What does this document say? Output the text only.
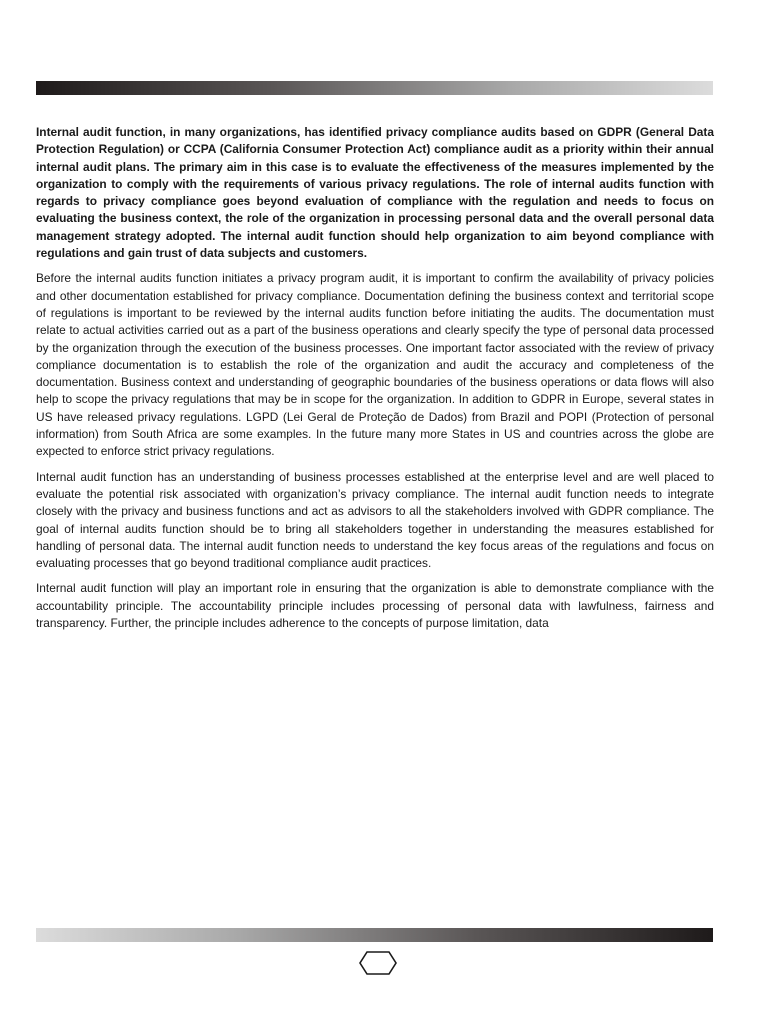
Internal audit function, in many organizations, has identified privacy compliance audits based on GDPR (General Data Protection Regulation) or CCPA (California Consumer Protection Act) compliance audit as a priority within their annual internal audit plans. The primary aim in this case is to evaluate the effectiveness of the measures implemented by the organization to comply with the requirements of various privacy regulations. The role of internal audits function with regards to privacy compliance goes beyond evaluation of compliance with the regulation and needs to focus on evaluating the business context, the role of the organization in processing personal data and the overall personal data management strategy adopted. The internal audit function should help organization to aim beyond compliance with regulations and gain trust of data subjects and customers.

Before the internal audits function initiates a privacy program audit, it is important to confirm the availability of privacy policies and other documentation established for privacy compliance. Documentation defining the business context and territorial scope of regulations is important to be reviewed by the internal audits function before initiating the audits. The documentation must relate to actual activities carried out as a part of the business operations and clearly specify the type of personal data processed by the organization through the execution of the business processes. One important factor associated with the review of privacy compliance documentation is to establish the role of the organization and audit the accuracy and completeness of the documentation. Business context and understanding of geographic boundaries of the business operations or data flows will also help to scope the privacy regulations that may be in scope for the organization. In addition to GDPR in Europe, several states in US have released privacy regulations. LGPD (Lei Geral de Proteção de Dados) from Brazil and POPI (Protection of personal information) from South Africa are some examples. In the future many more States in US and countries across the globe are expected to enforce strict privacy regulations.

Internal audit function has an understanding of business processes established at the enterprise level and are well placed to evaluate the potential risk associated with organization’s privacy compliance. The internal audit function needs to integrate closely with the privacy and business functions and act as advisors to all the stakeholders involved with GDPR compliance. The goal of internal audits function should be to bring all stakeholders together in understanding the measures established for handling of personal data. The internal audit function needs to understand the key focus areas of the regulations and focus on evaluating processes that go beyond traditional compliance audit practices.

Internal audit function will play an important role in ensuring that the organization is able to demonstrate compliance with the accountability principle. The accountability principle includes processing of personal data with lawfulness, fairness and transparency. Further, the principle includes adherence to the concepts of purpose limitation, data
